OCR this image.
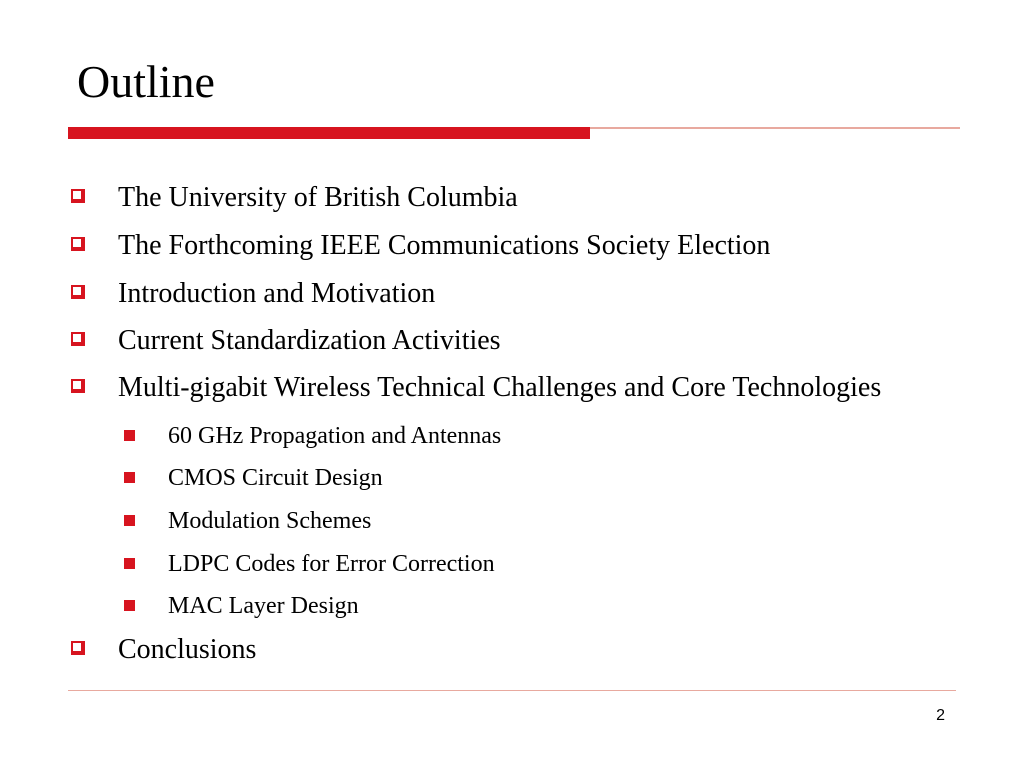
Outline
The University of British Columbia
The Forthcoming IEEE Communications Society Election
Introduction and Motivation
Current Standardization Activities
Multi-gigabit Wireless Technical Challenges and Core Technologies
60 GHz Propagation and Antennas
CMOS Circuit Design
Modulation Schemes
LDPC Codes for Error Correction
MAC Layer Design
Conclusions
2
